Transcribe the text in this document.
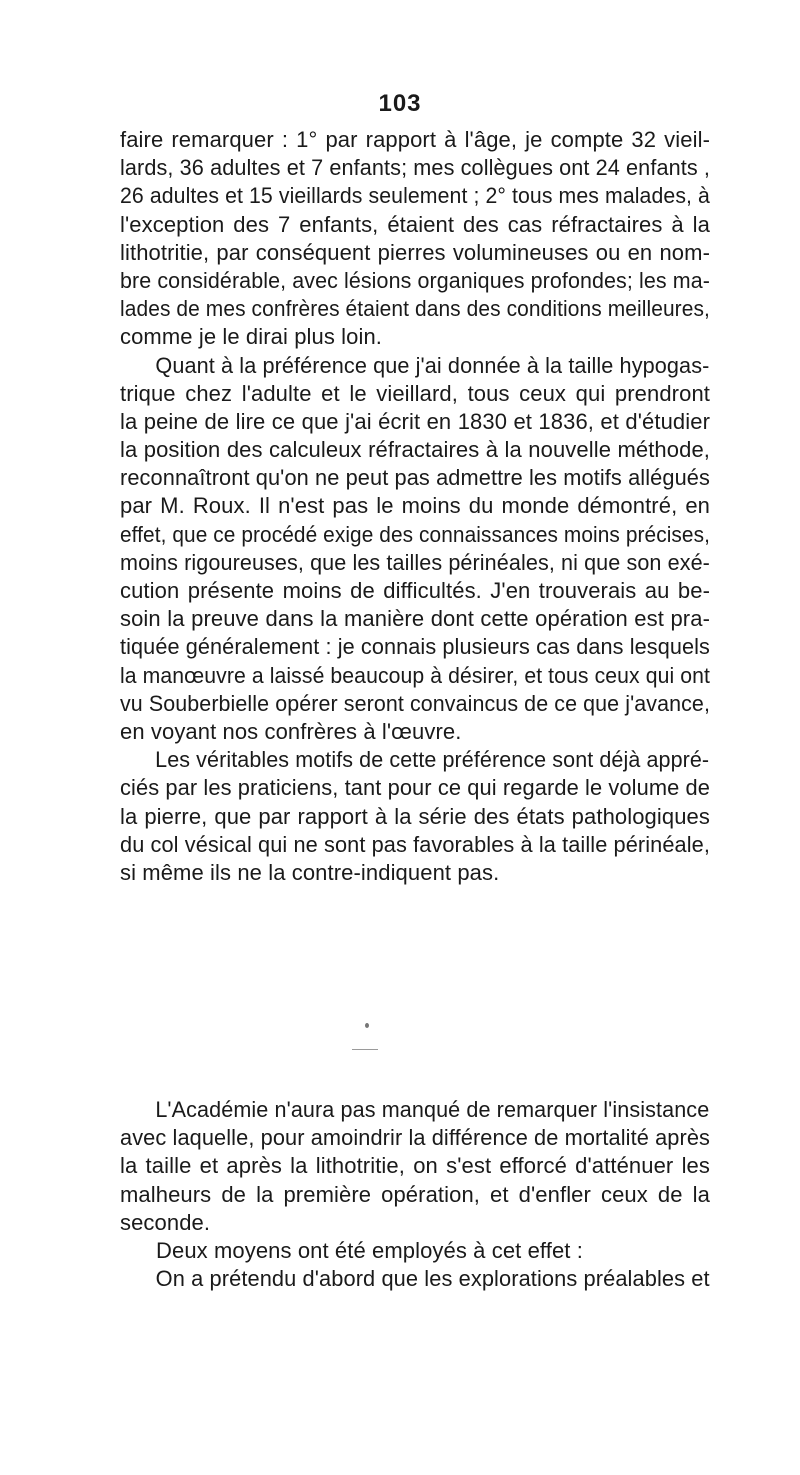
103
faire remarquer : 1° par rapport à l'âge, je compte 32 vieil-
lards, 36 adultes et 7 enfants; mes collègues ont 24 enfants ,
26 adultes et 15 vieillards seulement ; 2° tous mes malades, à
l'exception des 7 enfants, étaient des cas réfractaires à la
lithotritie, par conséquent pierres volumineuses ou en nom-
bre considérable, avec lésions organiques profondes; les ma-
lades de mes confrères étaient dans des conditions meilleures,
comme je le dirai plus loin.
Quant à la préférence que j'ai donnée à la taille hypogas-
trique chez l'adulte et le vieillard, tous ceux qui prendront
la peine de lire ce que j'ai écrit en 1830 et 1836, et d'étudier
la position des calculeux réfractaires à la nouvelle méthode,
reconnaîtront qu'on ne peut pas admettre les motifs allégués
par M. Roux. Il n'est pas le moins du monde démontré, en
effet, que ce procédé exige des connaissances moins précises,
moins rigoureuses, que les tailles périnéales, ni que son exé-
cution présente moins de difficultés. J'en trouverais au be-
soin la preuve dans la manière dont cette opération est pra-
tiquée généralement : je connais plusieurs cas dans lesquels
la manœuvre a laissé beaucoup à désirer, et tous ceux qui ont
vu Souberbielle opérer seront convaincus de ce que j'avance,
en voyant nos confrères à l'œuvre.
Les véritables motifs de cette préférence sont déjà appré-
ciés par les praticiens, tant pour ce qui regarde le volume de
la pierre, que par rapport à la série des états pathologiques
du col vésical qui ne sont pas favorables à la taille périnéale,
si même ils ne la contre-indiquent pas.
L'Académie n'aura pas manqué de remarquer l'insistance
avec laquelle, pour amoindrir la différence de mortalité après
la taille et après la lithotritie, on s'est efforcé d'atténuer les
malheurs de la première opération, et d'enfler ceux de la
seconde.
Deux moyens ont été employés à cet effet :
On a prétendu d'abord que les explorations préalables et
